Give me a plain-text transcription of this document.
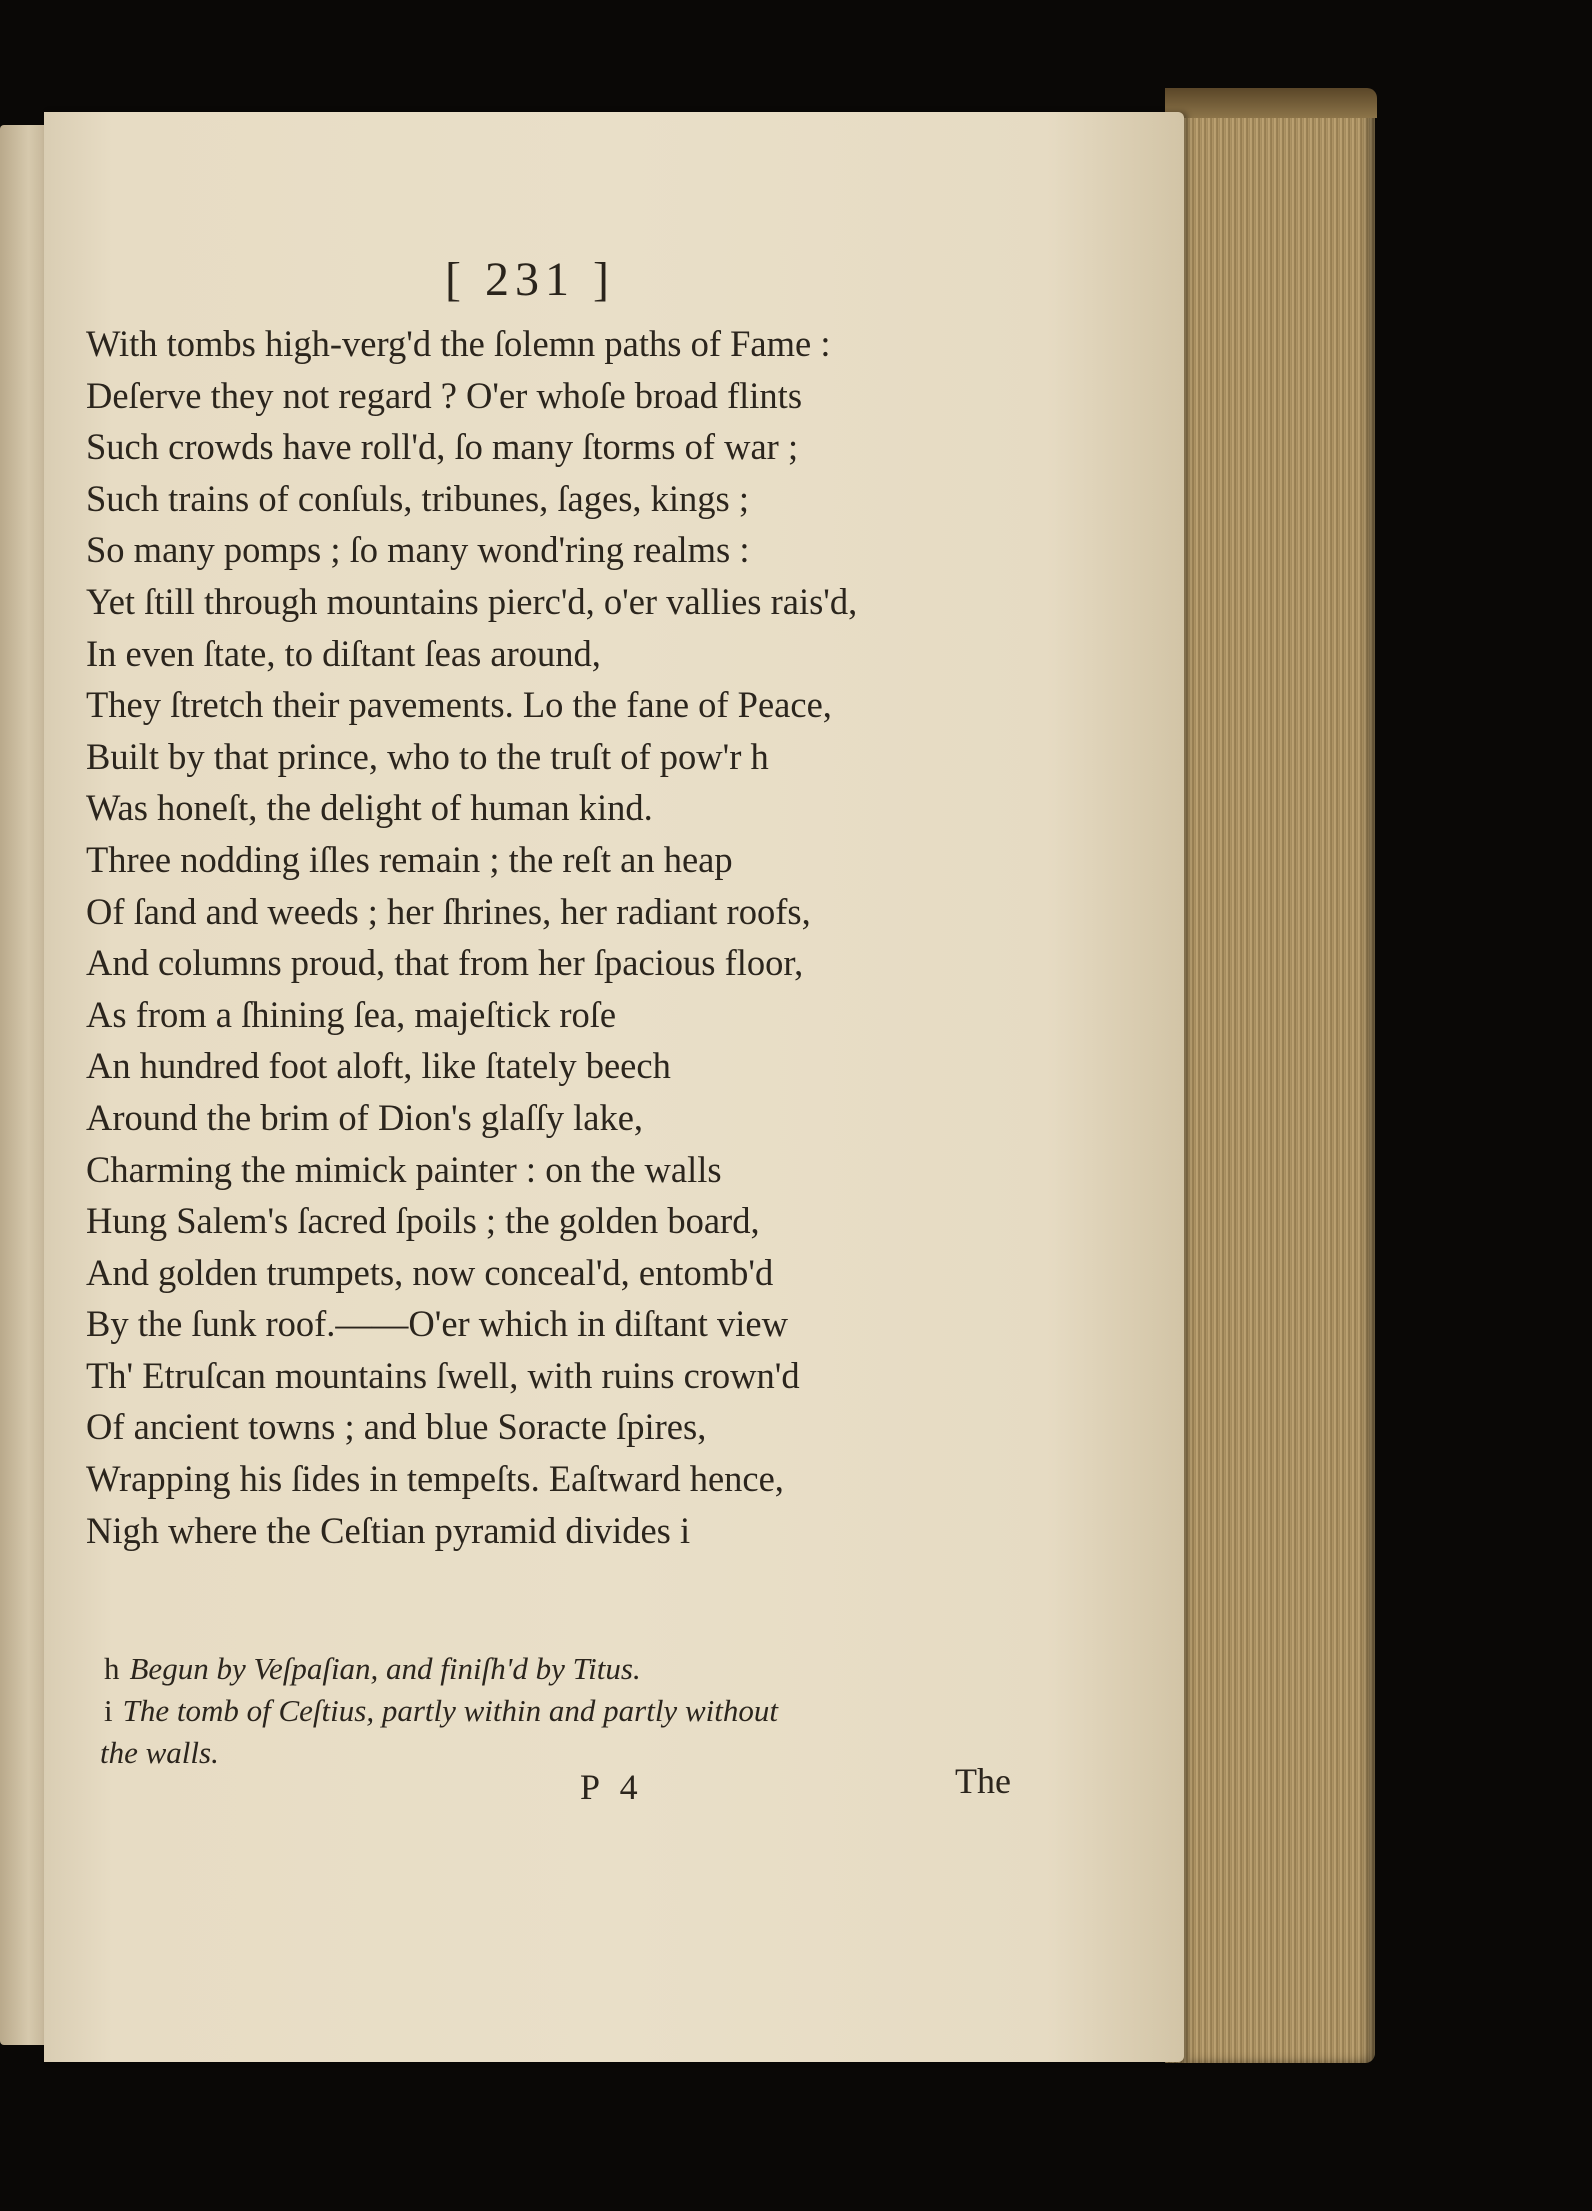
[ 231 ]
With tombs high-verg'd the ſolemn paths of Fame :
Deſerve they not regard ? O'er whoſe broad flints
Such crowds have roll'd, ſo many ſtorms of war ;
Such trains of conſuls, tribunes, ſages, kings ;
So many pomps ; ſo many wond'ring realms :
Yet ſtill through mountains pierc'd, o'er vallies rais'd,
In even ſtate, to diſtant ſeas around,
They ſtretch their pavements. Lo the fane of Peace,
Built by that prince, who to the truſt of pow'r h
Was honeſt, the delight of human kind.
Three nodding iſles remain ; the reſt an heap
Of ſand and weeds ; her ſhrines, her radiant roofs,
And columns proud, that from her ſpacious floor,
As from a ſhining ſea, majeſtick roſe
An hundred foot aloft, like ſtately beech
Around the brim of Dion's glaſſy lake,
Charming the mimick painter : on the walls
Hung Salem's ſacred ſpoils ; the golden board,
And golden trumpets, now conceal'd, entomb'd
By the ſunk roof.——O'er which in diſtant view
Th' Etruſcan mountains ſwell, with ruins crown'd
Of ancient towns ; and blue Soracte ſpires,
Wrapping his ſides in tempeſts. Eaſtward hence,
Nigh where the Ceſtian pyramid divides i
h Begun by Veſpaſian, and finiſh'd by Titus.
i The tomb of Ceſtius, partly within and partly without
the walls.
P 4	The
